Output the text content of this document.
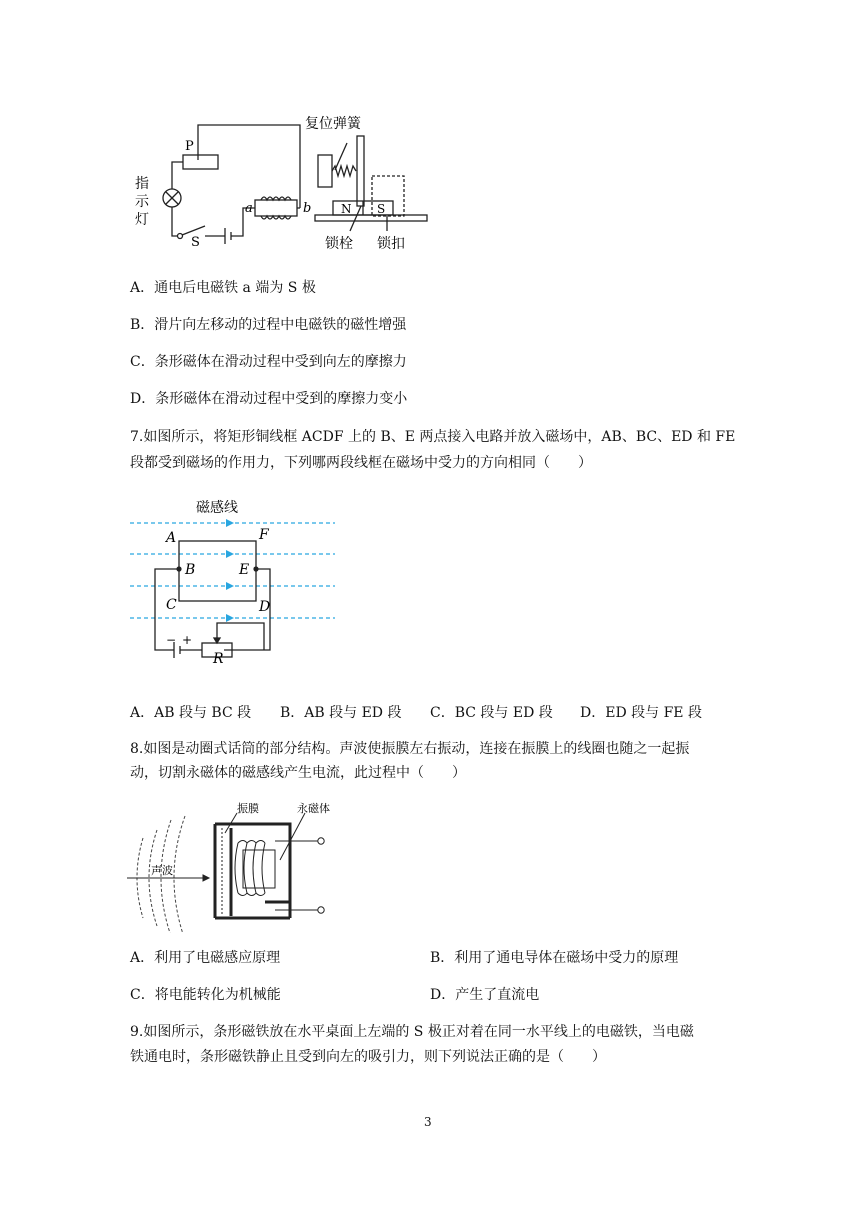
复位弹簧
P
指
示
灯
a	b
S
N S
锁栓 锁扣
A．通电后电磁铁 a 端为 S 极
B．滑片向左移动的过程中电磁铁的磁性增强
C．条形磁体在滑动过程中受到向左的摩擦力
D．条形磁体在滑动过程中受到的摩擦力变小
7.如图所示，将矩形铜线框 ACDF 上的 B、E 两点接入电路并放入磁场中，AB、BC、ED 和 FE
段都受到磁场的作用力，下列哪两段线框在磁场中受力的方向相同（　　）
磁感线
A	F
B	E
C	D
− +
R
A．AB 段与 BC 段 B．AB 段与 ED 段 C．BC 段与 ED 段 D．ED 段与 FE 段
8.如图是动圈式话筒的部分结构。声波使振膜左右振动，连接在振膜上的线圈也随之一起振
动，切割永磁体的磁感线产生电流，此过程中（　　）
振膜	永磁体
声波
A．利用了电磁感应原理	B．利用了通电导体在磁场中受力的原理
C．将电能转化为机械能	D．产生了直流电
9.如图所示，条形磁铁放在水平桌面上左端的 S 极正对着在同一水平线上的电磁铁，当电磁
铁通电时，条形磁铁静止且受到向左的吸引力，则下列说法正确的是（　　）
3
